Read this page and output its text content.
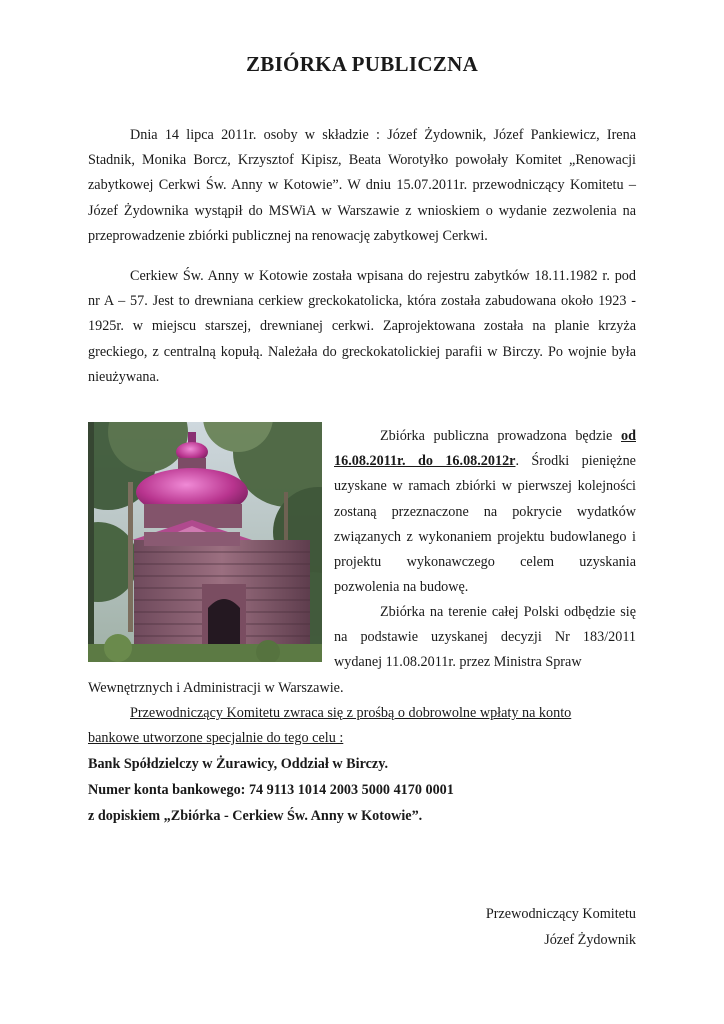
ZBIÓRKA PUBLICZNA
Dnia 14 lipca 2011r. osoby w składzie : Józef Żydownik, Józef Pankiewicz, Irena Stadnik, Monika Borcz, Krzysztof Kipisz, Beata Worotyłko powołały Komitet „Renowacji zabytkowej Cerkwi Św. Anny w Kotowie”. W dniu 15.07.2011r. przewodniczący Komitetu – Józef Żydownika wystąpił do MSWiA w Warszawie z wnioskiem o wydanie zezwolenia na przeprowadzenie zbiórki publicznej na renowację zabytkowej Cerkwi.
Cerkiew Św. Anny w Kotowie została wpisana do rejestru zabytków 18.11.1982 r. pod nr A – 57. Jest to drewniana cerkiew greckokatolicka, która została zabudowana około 1923 - 1925r. w miejscu starszej, drewnianej cerkwi. Zaprojektowana została na planie krzyża greckiego, z centralną kopułą. Należała do greckokatolickiej parafii w Birczy. Po wojnie była nieużywana.
Zbiórka publiczna prowadzona będzie od 16.08.2011r. do 16.08.2012r. Środki pieniężne uzyskane w ramach zbiórki w pierwszej kolejności zostaną przeznaczone na pokrycie wydatków związanych z wykonaniem projektu budowlanego i projektu wykonawczego celem uzyskania pozwolenia na budowę.
Zbiórka na terenie całej Polski odbędzie się na podstawie uzyskanej decyzji Nr 183/2011 wydanej 11.08.2011r. przez Ministra Spraw
Wewnętrznych i Administracji w Warszawie.
Przewodniczący Komitetu zwraca się z prośbą o dobrowolne wpłaty na konto
bankowe utworzone specjalnie do tego celu :
Bank Spółdzielczy w Żurawicy, Oddział w Birczy.
Numer konta bankowego: 74 9113 1014 2003 5000 4170 0001
z dopiskiem „Zbiórka - Cerkiew Św. Anny w Kotowie”.
Przewodniczący Komitetu
Józef Żydownik
